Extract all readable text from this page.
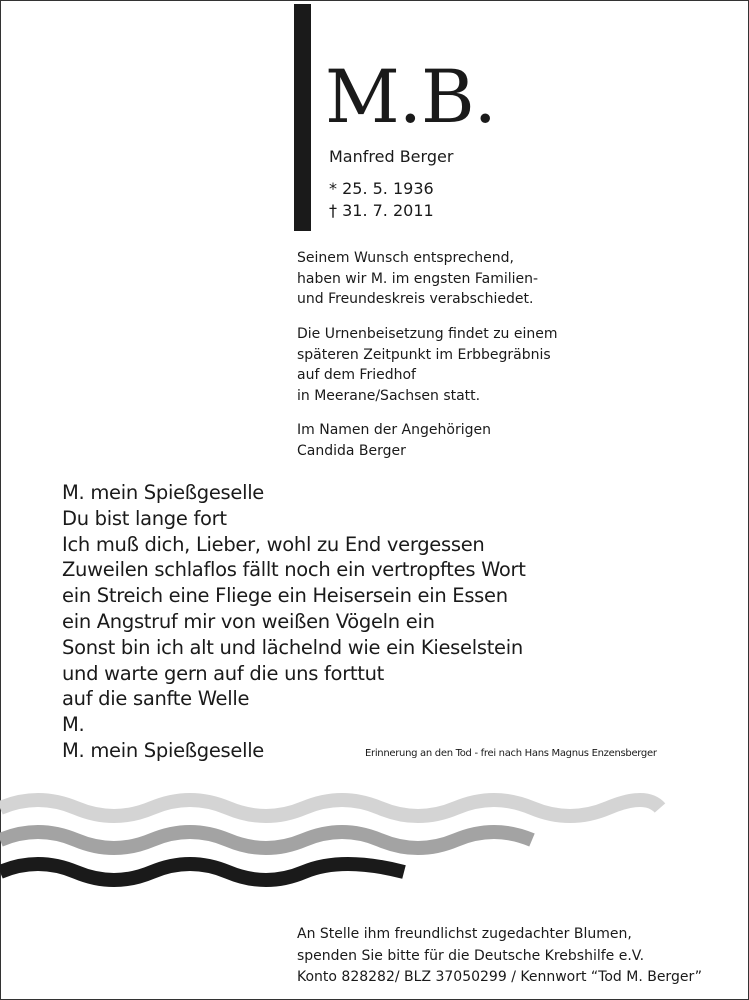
M.B.
Manfred Berger
* 25. 5. 1936
† 31. 7. 2011
Seinem Wunsch entsprechend,
haben wir M. im engsten Familien-
und Freundeskreis verabschiedet.
Die Urnenbeisetzung findet zu einem
späteren Zeitpunkt im Erbbegräbnis
auf dem Friedhof
in Meerane/Sachsen statt.
Im Namen der Angehörigen
Candida Berger
M. mein Spießgeselle
Du bist lange fort
Ich muß dich, Lieber, wohl zu End vergessen
Zuweilen schlaflos fällt noch ein vertropftes Wort
ein Streich eine Fliege ein Heisersein ein Essen
ein Angstruf mir von weißen Vögeln ein
Sonst bin ich alt und lächelnd wie ein Kieselstein
und warte gern auf die uns forttut
auf die sanfte Welle
M.
M. mein Spießgeselle	Erinnerung an den Tod - frei nach Hans Magnus Enzensberger
An Stelle ihm freundlichst zugedachter Blumen,
spenden Sie bitte für die Deutsche Krebshilfe e.V.
Konto 828282/ BLZ 37050299 / Kennwort “Tod M. Berger”
